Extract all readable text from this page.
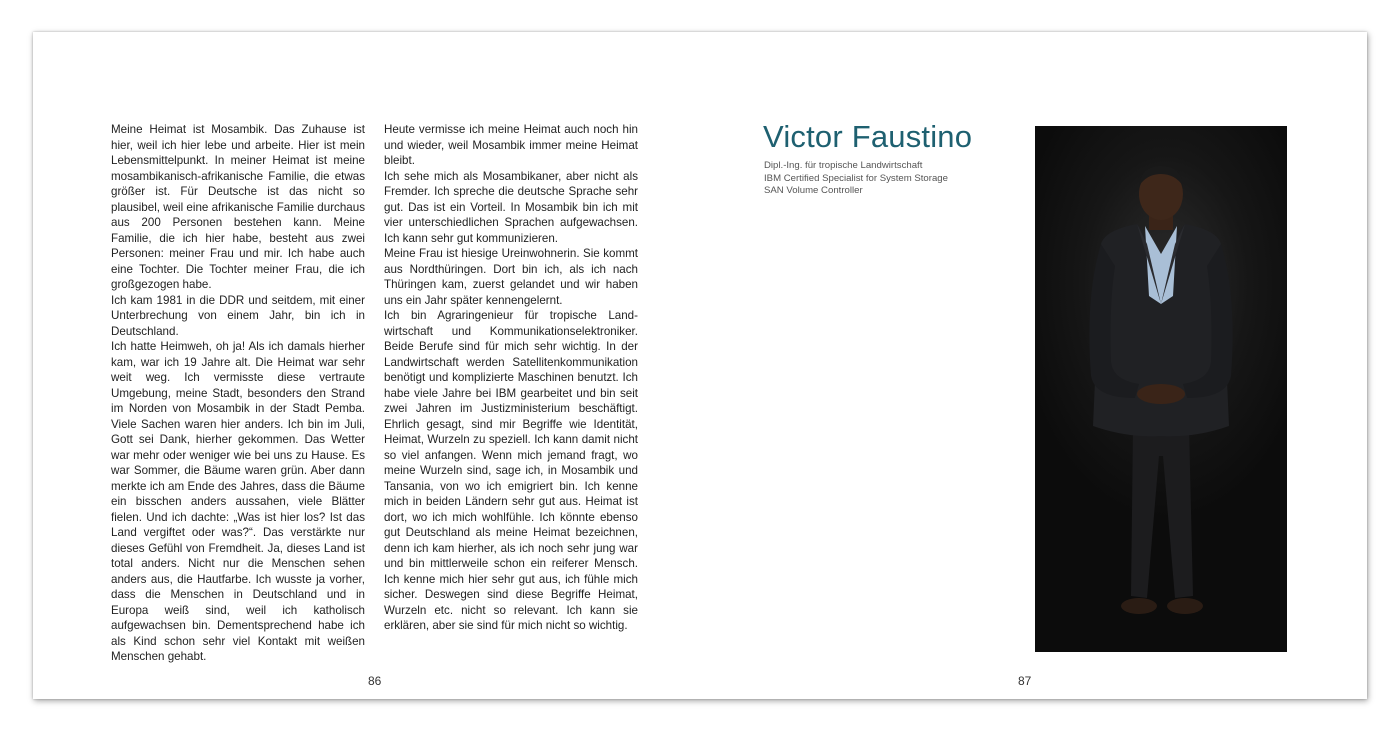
Meine Heimat ist Mosambik. Das Zuhause ist hier, weil ich hier lebe und arbeite. Hier ist mein Lebensmittelpunkt. In meiner Heimat ist meine mosambikanisch-afrikanische Familie, die etwas größer ist. Für Deutsche ist das nicht so plausibel, weil eine afrikanische Familie durchaus aus 200 Personen bestehen kann. Meine Familie, die ich hier habe, besteht aus zwei Personen: meiner Frau und mir. Ich habe auch eine Tochter. Die Tochter meiner Frau, die ich großgezogen habe.

Ich kam 1981 in die DDR und seitdem, mit einer Unterbrechung von einem Jahr, bin ich in Deutschland.

Ich hatte Heimweh, oh ja! Als ich damals hierher kam, war ich 19 Jahre alt. Die Heimat war sehr weit weg. Ich vermisste diese vertraute Umgebung, meine Stadt, besonders den Strand im Norden von Mosambik in der Stadt Pemba. Viele Sachen waren hier anders. Ich bin im Juli, Gott sei Dank, hierher gekommen. Das Wetter war mehr oder weniger wie bei uns zu Hause. Es war Sommer, die Bäume waren grün. Aber dann merkte ich am Ende des Jahres, dass die Bäume ein bisschen anders aussahen, viele Blätter fielen. Und ich dachte: „Was ist hier los? Ist das Land vergiftet oder was?“. Das verstärkte nur dieses Gefühl von Fremdheit. Ja, dieses Land ist total anders. Nicht nur die Menschen sehen anders aus, die Hautfarbe. Ich wusste ja vorher, dass die Menschen in Deutschland und in Europa weiß sind, weil ich katholisch aufgewachsen bin. Dementsprechend habe ich als Kind schon sehr viel Kontakt mit weißen Menschen gehabt.

Heute vermisse ich meine Heimat auch noch hin und wieder, weil Mosambik immer meine Heimat bleibt.

Ich sehe mich als Mosambikaner, aber nicht als Fremder. Ich spreche die deutsche Sprache sehr gut. Das ist ein Vorteil. In Mosambik bin ich mit vier unterschiedlichen Sprachen aufgewachsen. Ich kann sehr gut kommunizieren.

Meine Frau ist hiesige Ureinwohnerin. Sie kommt aus Nordthüringen. Dort bin ich, als ich nach Thüringen kam, zuerst gelandet und wir haben uns ein Jahr später kennengelernt.

Ich bin Agraringenieur für tropische Landwirtschaft und Kommunikationselektroniker. Beide Berufe sind für mich sehr wichtig. In der Landwirtschaft werden Satellitenkommunikation benötigt und komplizierte Maschinen benutzt. Ich habe viele Jahre bei IBM gearbeitet und bin seit zwei Jahren im Justizministerium beschäftigt. Ehrlich gesagt, sind mir Begriffe wie Identität, Heimat, Wurzeln zu speziell. Ich kann damit nicht so viel anfangen. Wenn mich jemand fragt, wo meine Wurzeln sind, sage ich, in Mosambik und Tansania, von wo ich emigriert bin. Ich kenne mich in beiden Ländern sehr gut aus. Heimat ist dort, wo ich mich wohlfühle. Ich könnte ebenso gut Deutschland als meine Heimat bezeichnen, denn ich kam hierher, als ich noch sehr jung war und bin mittlerweile schon ein reiferer Mensch. Ich kenne mich hier sehr gut aus, ich fühle mich sicher. Deswegen sind diese Begriffe Heimat, Wurzeln etc. nicht so relevant. Ich kann sie erklären, aber sie sind für mich nicht so wichtig.

86
Victor Faustino
Dipl.-Ing. für tropische Landwirtschaft
IBM Certified Specialist for System Storage
SAN Volume Controller
87
